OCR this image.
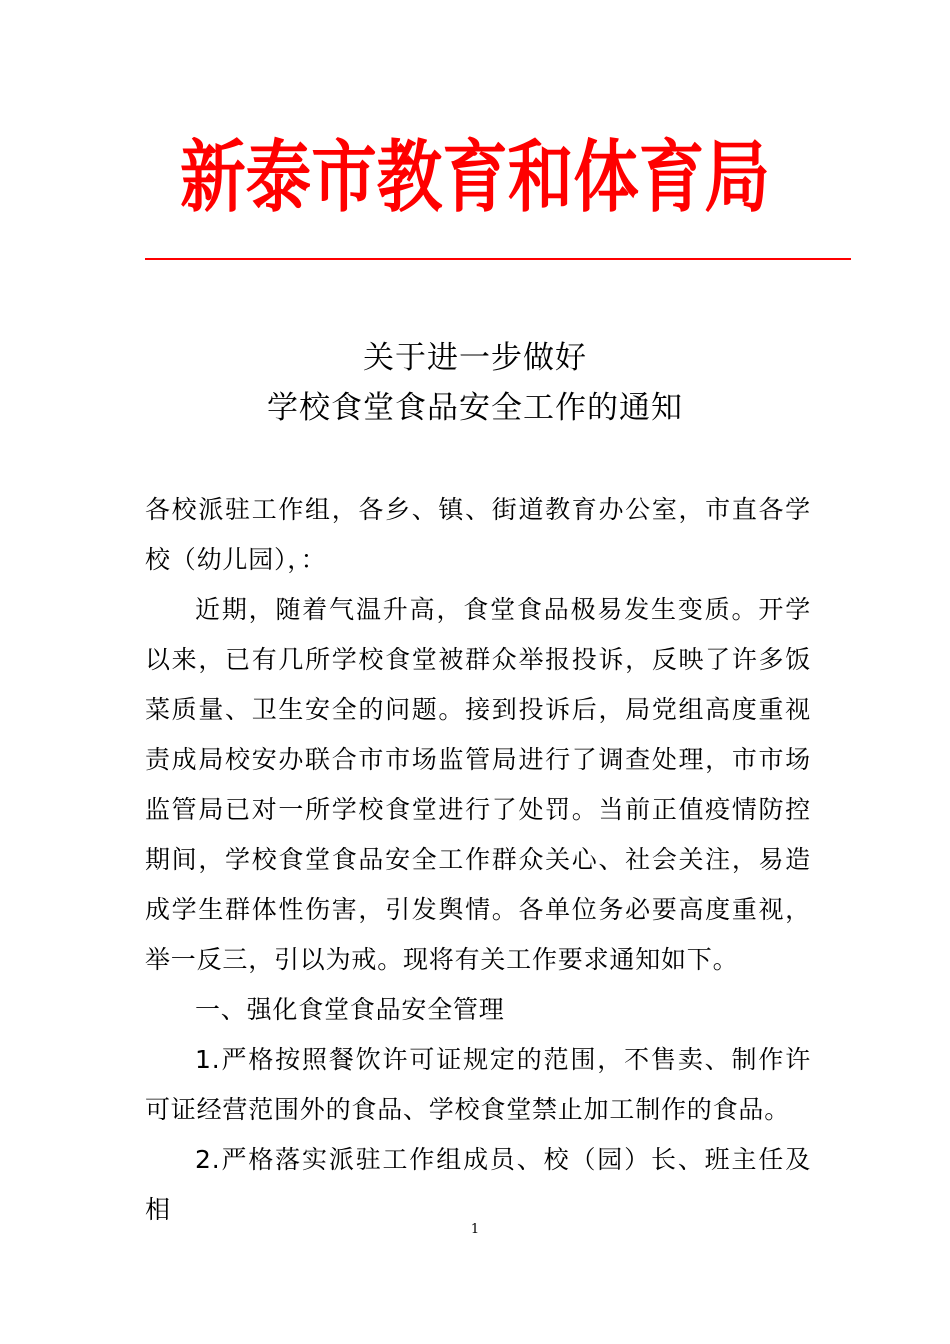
新泰市教育和体育局
关于进一步做好
学校食堂食品安全工作的通知

各校派驻工作组，各乡、镇、街道教育办公室，市直各学校（幼儿园），：

近期，随着气温升高，食堂食品极易发生变质。开学以来，已有几所学校食堂被群众举报投诉，反映了许多饭菜质量、卫生安全的问题。接到投诉后，局党组高度重视责成局校安办联合市市场监管局进行了调查处理，市市场监管局已对一所学校食堂进行了处罚。当前正值疫情防控期间，学校食堂食品安全工作群众关心、社会关注，易造成学生群体性伤害，引发舆情。各单位务必要高度重视，举一反三，引以为戒。现将有关工作要求通知如下。

一、强化食堂食品安全管理

1.严格按照餐饮许可证规定的范围，不售卖、制作许可证经营范围外的食品、学校食堂禁止加工制作的食品。

2.严格落实派驻工作组成员、校（园）长、班主任及相

1
